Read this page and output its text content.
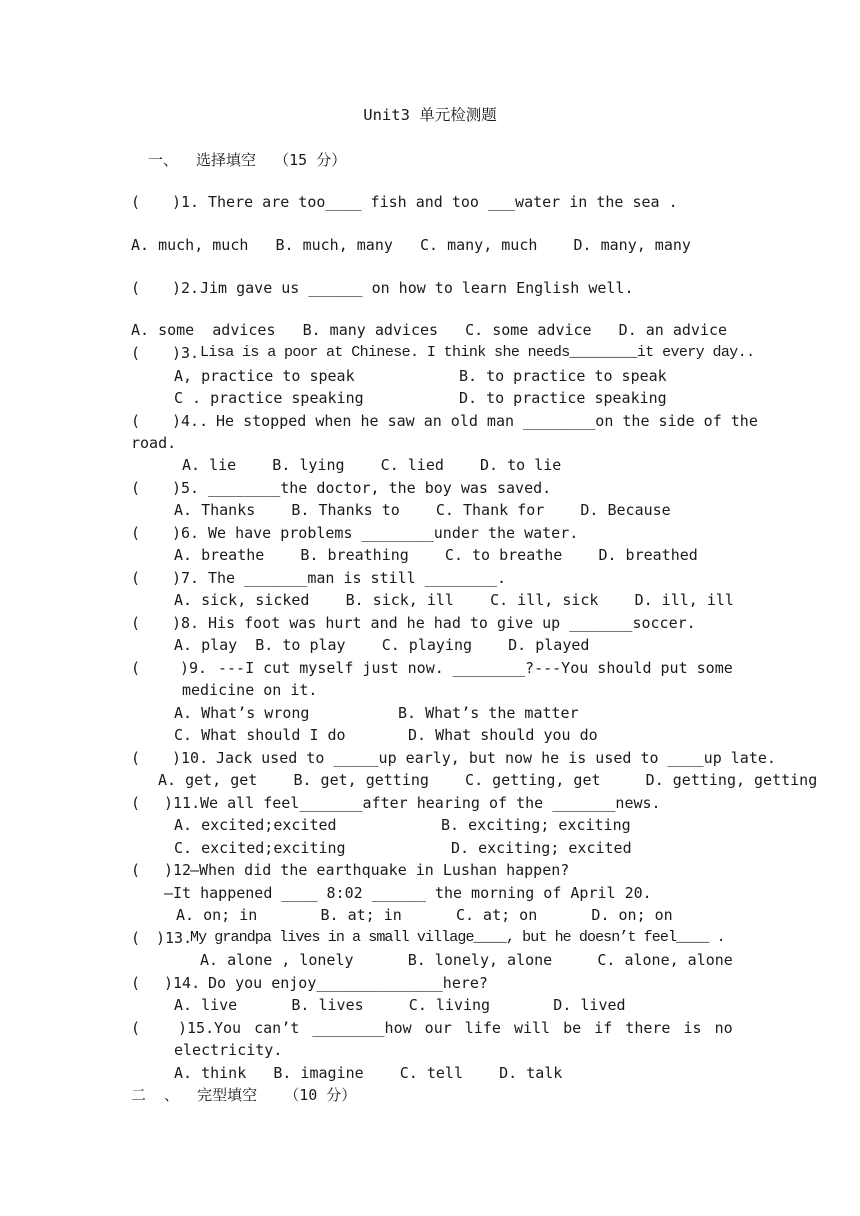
Unit3 单元检测题
一、  选择填空  （15 分）
( )1. There are too____ fish and too ___water in the sea .
A. much, much   B. much, many   C. many, much    D. many, many
( )2. Jim gave us ______ on how to learn English well.
A. some  advices   B. many advices   C. some advice   D. an advice
( )3. Lisa is a poor at Chinese. I think she needs________it every day..
A, practice to speak	B. to practice to speak
C . practice speaking	D. to practice speaking
( )4.. He stopped when he saw an old man ________on the side of the
road.
A. lie    B. lying    C. lied    D. to lie
( )5. ________the doctor, the boy was saved.
A. Thanks    B. Thanks to    C. Thank for    D. Because
( )6. We have problems ________under the water.
A. breathe    B. breathing    C. to breathe    D. breathed
( )7. The _______man is still ________.
A. sick, sicked    B. sick, ill    C. ill, sick    D. ill, ill
( )8. His foot was hurt and he had to give up _______soccer.
A. play  B. to play    C. playing    D. played
(	)9. ---I cut myself just now. ________?---You should put some
medicine on it.
A. What’s wrong	B. What’s the matter
C. What should I do	D. What should you do
( )10. Jack used to _____up early, but now he is used to ____up late.
A. get, get    B. get, getting    C. getting, get     D. getting, getting
( )11. We all feel_______after hearing of the _______news.
A. excited;excited	B. exciting; exciting
C. excited;exciting	D. exciting; excited
( )12
—When did the earthquake in Lushan happen?
—It happened ____ 8:02 ______ the morning of April 20.
A. on; in       B. at; in      C. at; on      D. on; on
( )13.
My grandpa lives in a small village____, but he doesn’t feel____ .
A. alone , lonely      B. lonely, alone     C. alone, alone
( )14. Do you enjoy______________here?
A. live      B. lives     C. living       D. lived
(	)15. You can’t ________how our life will be if there is no
electricity.
A. think   B. imagine    C. tell    D. talk
二  、  完型填空   （10 分）
